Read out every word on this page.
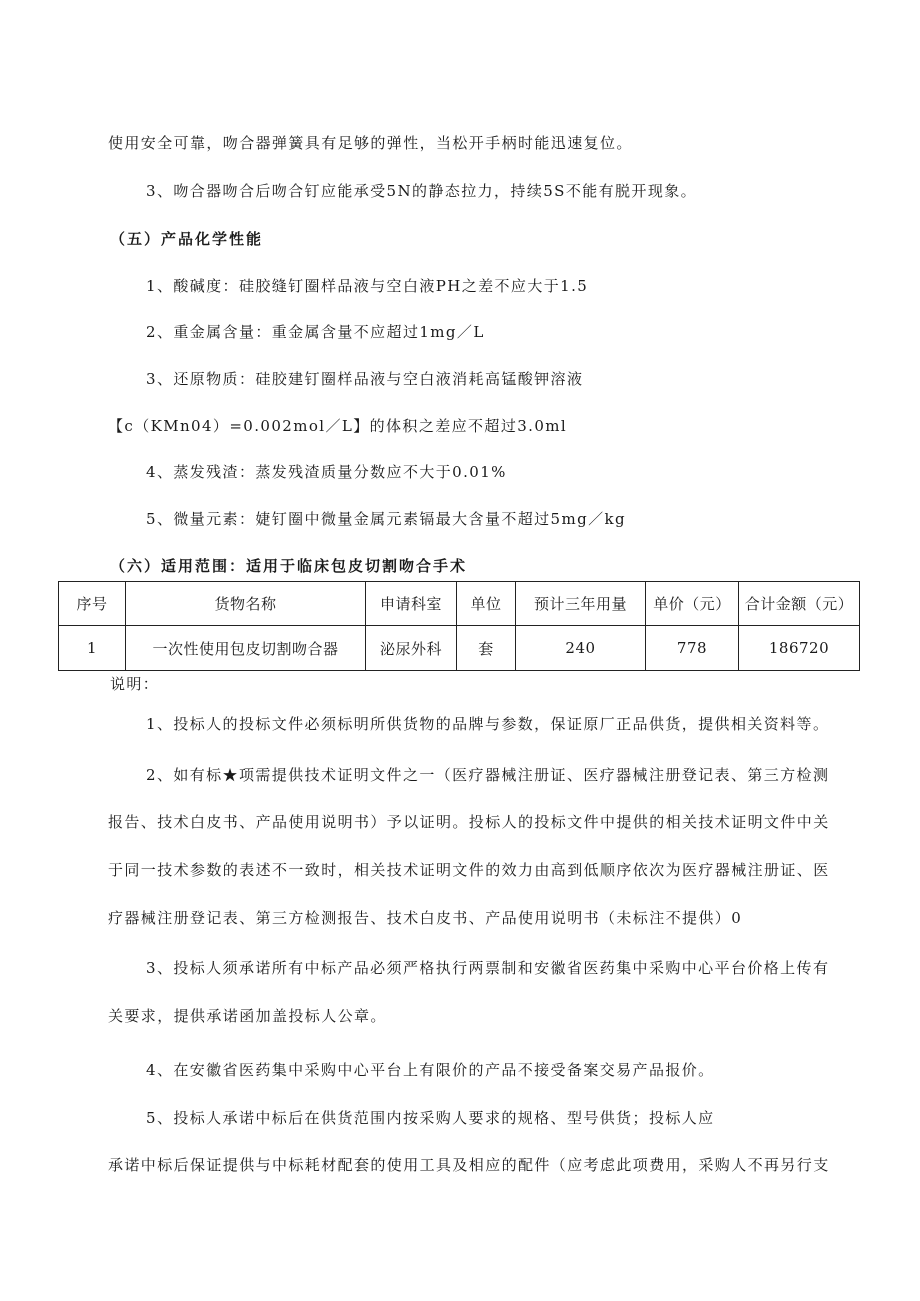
使用安全可靠，吻合器弹簧具有足够的弹性，当松开手柄时能迅速复位。
3、吻合器吻合后吻合钉应能承受5N的静态拉力，持续5S不能有脱开现象。
（五）产品化学性能
1、酸碱度：硅胶缝钉圈样品液与空白液PH之差不应大于1.5
2、重金属含量：重金属含量不应超过1mg／L
3、还原物质：硅胶建钉圈样品液与空白液消耗高锰酸钾溶液
【c（KMn04）=0.002mol／L】的体积之差应不超过3.0ml
4、蒸发残渣：蒸发残渣质量分数应不大于0.01%
5、微量元素：婕钉圈中微量金属元素镉最大含量不超过5mg／kg
（六）适用范围：适用于临床包皮切割吻合手术
序号	货物名称	申请科室	单位	预计三年用量	单价（元）	合计金额（元）
1	一次性使用包皮切割吻合器	泌尿外科	套	240	778	186720
说明：
1、投标人的投标文件必须标明所供货物的品牌与参数，保证原厂正品供货，提供相关资料等。
2、如有标★项需提供技术证明文件之一（医疗器械注册证、医疗器械注册登记表、第三方检测
报告、技术白皮书、产品使用说明书）予以证明。投标人的投标文件中提供的相关技术证明文件中关
于同一技术参数的表述不一致时，相关技术证明文件的效力由高到低顺序依次为医疗器械注册证、医
疗器械注册登记表、第三方检测报告、技术白皮书、产品使用说明书（未标注不提供）0
3、投标人须承诺所有中标产品必须严格执行两票制和安徽省医药集中采购中心平台价格上传有
关要求，提供承诺函加盖投标人公章。
4、在安徽省医药集中采购中心平台上有限价的产品不接受备案交易产品报价。
5、投标人承诺中标后在供货范围内按采购人要求的规格、型号供货；投标人应
承诺中标后保证提供与中标耗材配套的使用工具及相应的配件（应考虑此项费用，采购人不再另行支
